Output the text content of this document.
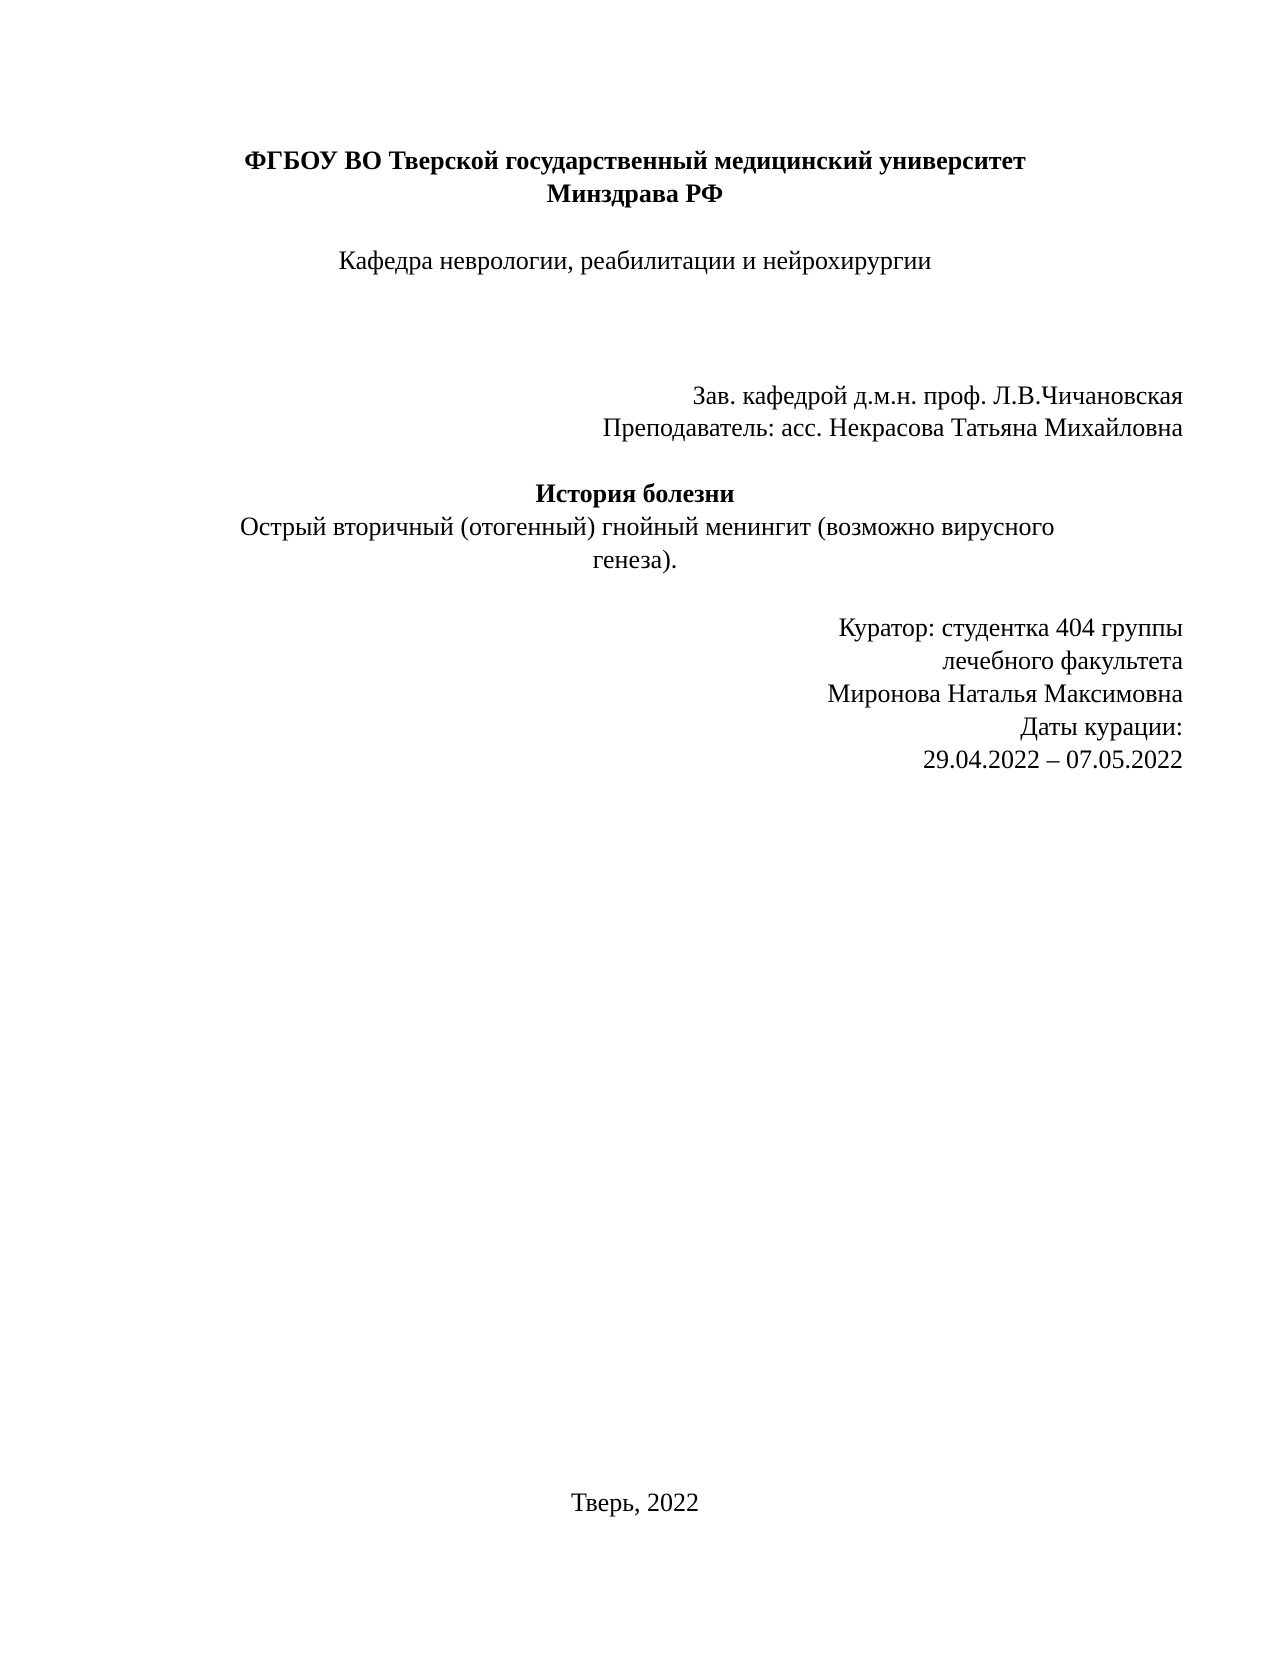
ФГБОУ ВО Тверской государственный медицинский университет
Минздрава РФ
Кафедра неврологии, реабилитации и нейрохирургии
Зав. кафедрой д.м.н. проф. Л.В.Чичановская
Преподаватель: асс. Некрасова Татьяна Михайловна
История болезни
Острый вторичный (отогенный) гнойный менингит (возможно вирусного
генеза).
Куратор: студентка 404 группы
лечебного факультета
Миронова Наталья Максимовна
Даты курации:
29.04.2022 – 07.05.2022
Тверь, 2022
